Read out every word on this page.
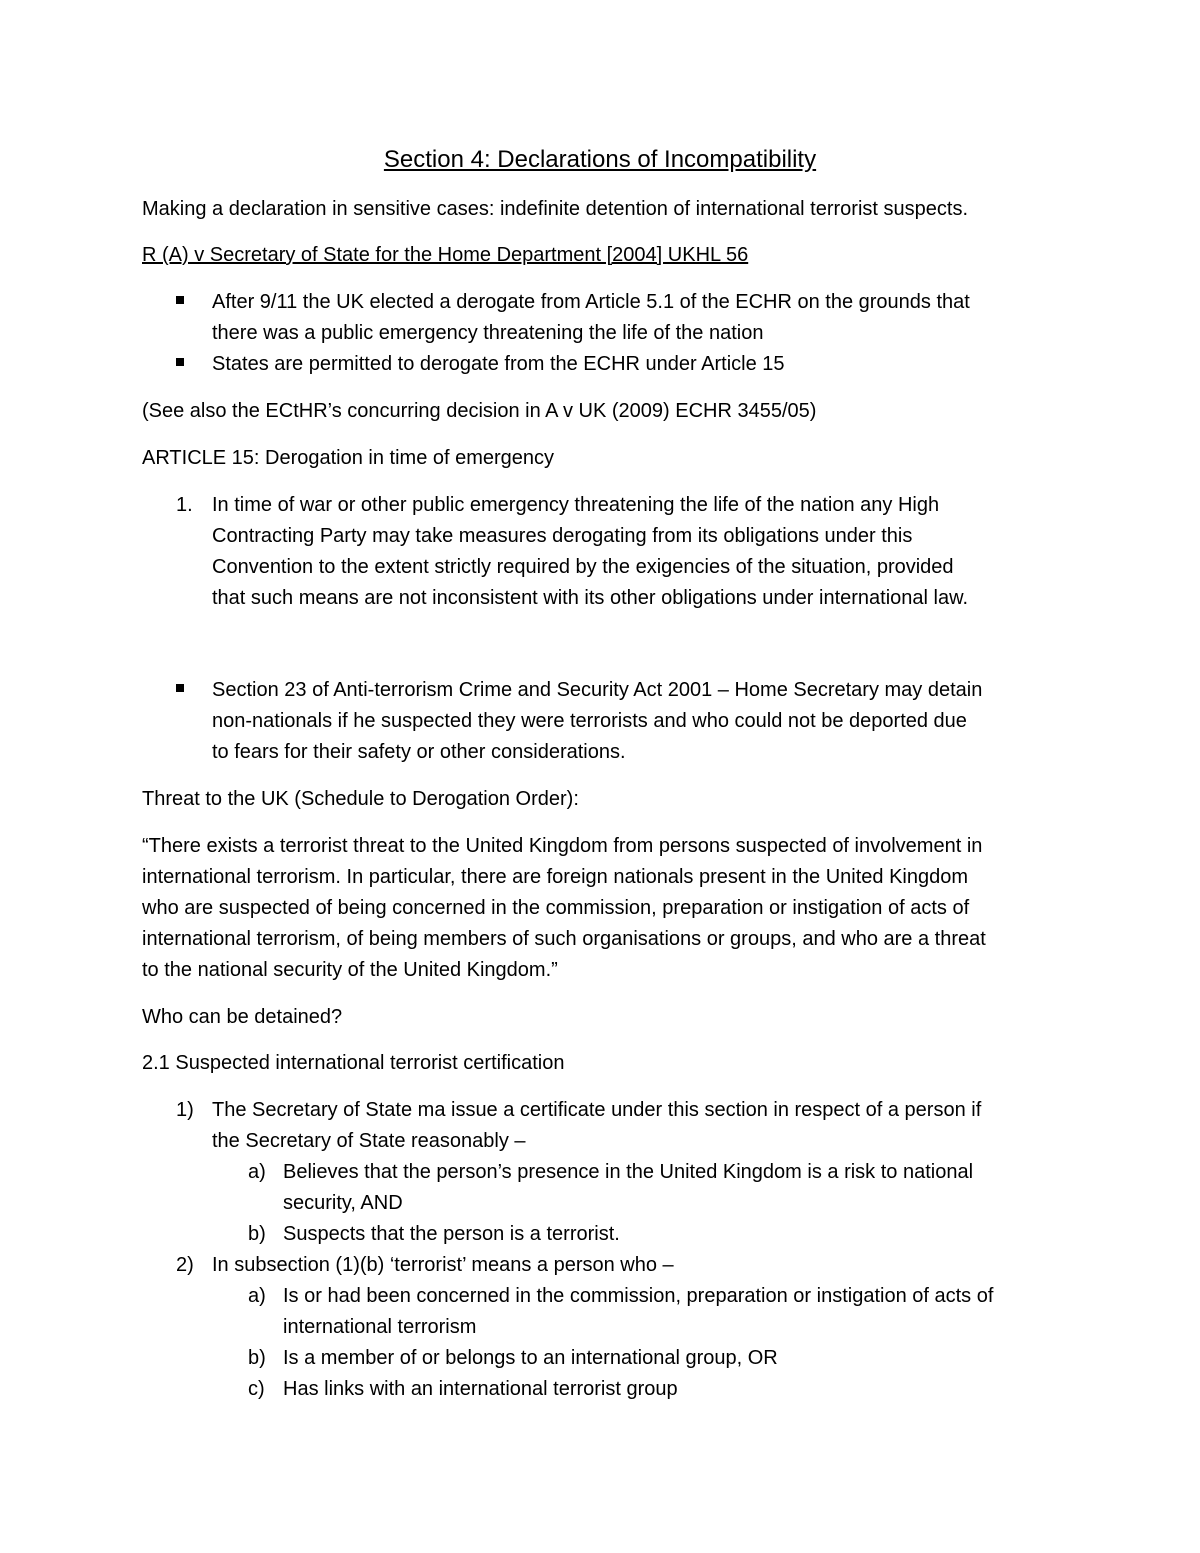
Section 4: Declarations of Incompatibility
Making a declaration in sensitive cases: indefinite detention of international terrorist suspects.
R (A) v Secretary of State for the Home Department [2004] UKHL 56
After 9/11 the UK elected a derogate from Article 5.1 of the ECHR on the grounds that
there was a public emergency threatening the life of the nation
States are permitted to derogate from the ECHR under Article 15
(See also the ECtHR’s concurring decision in A v UK (2009) ECHR 3455/05)
ARTICLE 15: Derogation in time of emergency
1. In time of war or other public emergency threatening the life of the nation any High
Contracting Party may take measures derogating from its obligations under this
Convention to the extent strictly required by the exigencies of the situation, provided
that such means are not inconsistent with its other obligations under international law.
Section 23 of Anti-terrorism Crime and Security Act 2001 – Home Secretary may detain
non-nationals if he suspected they were terrorists and who could not be deported due
to fears for their safety or other considerations.
Threat to the UK (Schedule to Derogation Order):
“There exists a terrorist threat to the United Kingdom from persons suspected of involvement in
international terrorism. In particular, there are foreign nationals present in the United Kingdom
who are suspected of being concerned in the commission, preparation or instigation of acts of
international terrorism, of being members of such organisations or groups, and who are a threat
to the national security of the United Kingdom.”
Who can be detained?
2.1 Suspected international terrorist certification
1) The Secretary of State ma issue a certificate under this section in respect of a person if
the Secretary of State reasonably –
a) Believes that the person’s presence in the United Kingdom is a risk to national
security, AND
b) Suspects that the person is a terrorist.
2) In subsection (1)(b) ‘terrorist’ means a person who –
a) Is or had been concerned in the commission, preparation or instigation of acts of
international terrorism
b) Is a member of or belongs to an international group, OR
c) Has links with an international terrorist group
